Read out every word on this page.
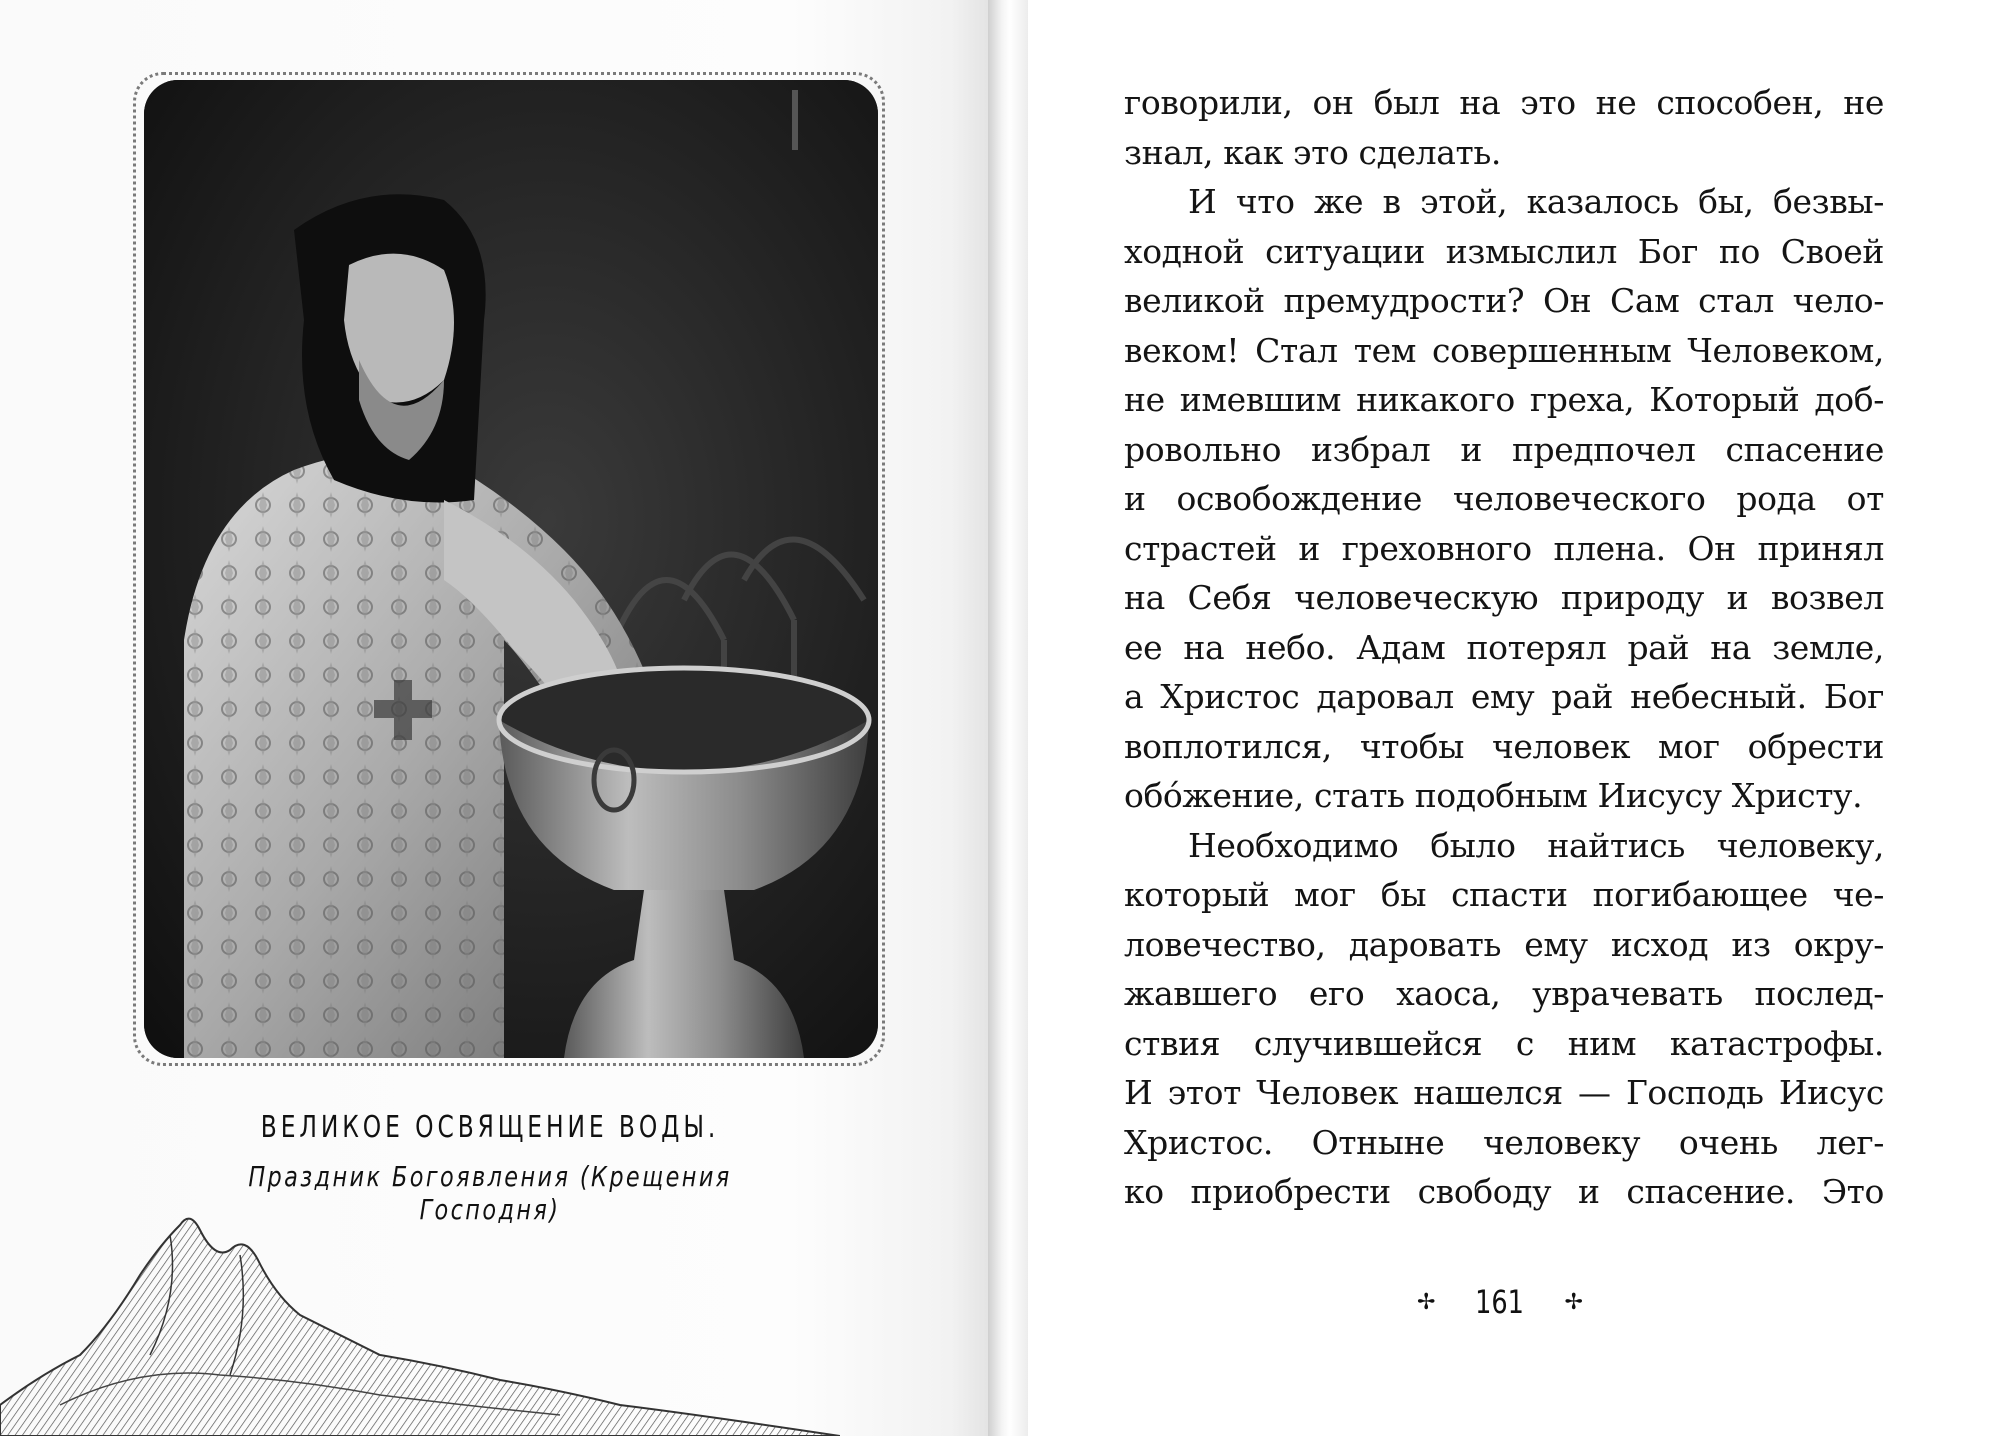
ВЕЛИКОЕ ОСВЯЩЕНИЕ ВОДЫ.
Праздник Богоявления (Крещения Господня)
говорили, он был на это не способен, не
знал, как это сделать.
И что же в этой, казалось бы, безвы-
ходной ситуации измыслил Бог по Своей
великой премудрости? Он Сам стал чело-
веком! Стал тем совершенным Человеком,
не имевшим никакого греха, Который доб-
ровольно избрал и предпочел спасение
и освобождение человеческого рода от
страстей и греховного плена. Он принял
на Себя человеческую природу и возвел
ее на небо. Адам потерял рай на земле,
а Христос даровал ему рай небесный. Бог
воплотился, чтобы человек мог обрести
обóжение, стать подобным Иисусу Христу.
Необходимо было найтись человеку,
который мог бы спасти погибающее че-
ловечество, даровать ему исход из окру-
жавшего его хаоса, уврачевать послед-
ствия случившейся с ним катастрофы.
И этот Человек нашелся — Господь Иисус
Христос. Отныне человеку очень лег-
ко приобрести свободу и спасение. Это
✢ 161 ✢
